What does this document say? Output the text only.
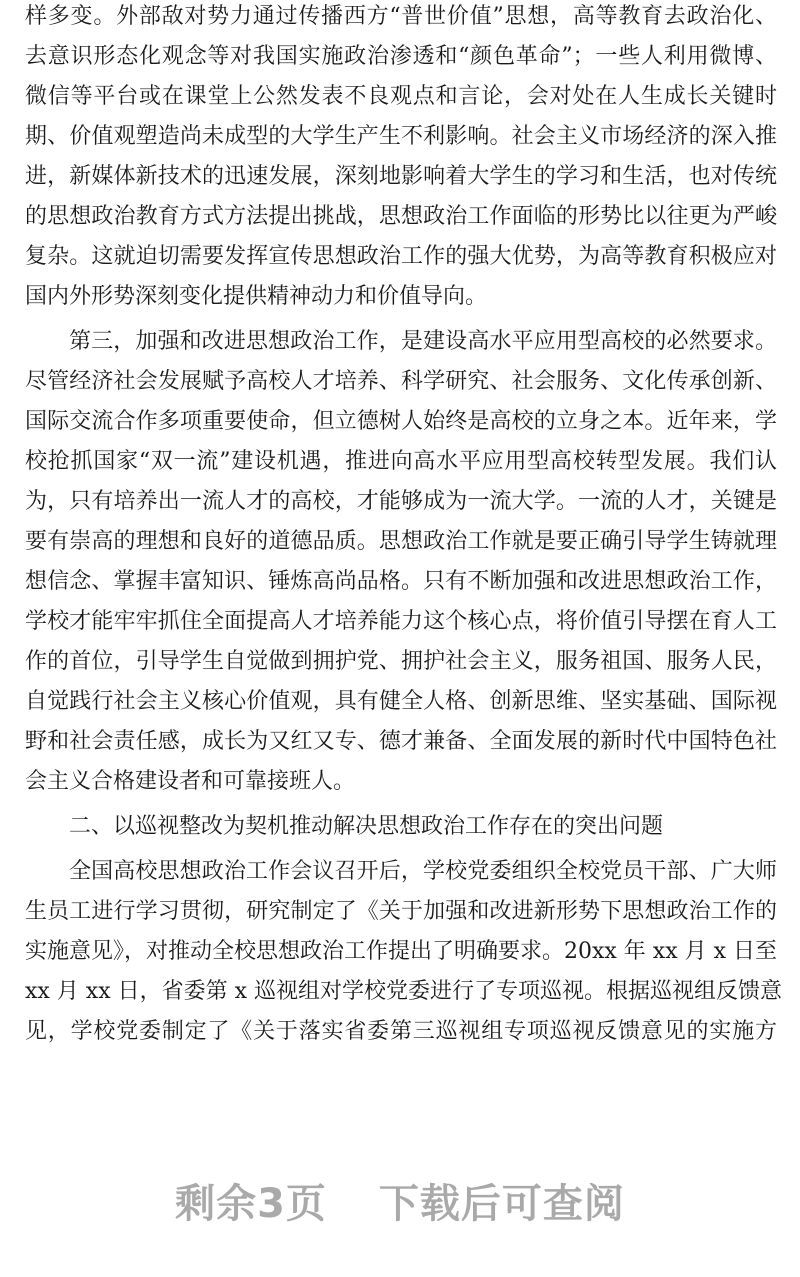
样多变。外部敌对势力通过传播西方“普世价值”思想，高等教育去政治化、
去意识形态化观念等对我国实施政治渗透和“颜色革命”；一些人利用微博、
微信等平台或在课堂上公然发表不良观点和言论，会对处在人生成长关键时
期、价值观塑造尚未成型的大学生产生不利影响。社会主义市场经济的深入推
进，新媒体新技术的迅速发展，深刻地影响着大学生的学习和生活，也对传统
的思想政治教育方式方法提出挑战，思想政治工作面临的形势比以往更为严峻
复杂。这就迫切需要发挥宣传思想政治工作的强大优势，为高等教育积极应对
国内外形势深刻变化提供精神动力和价值导向。
第三，加强和改进思想政治工作，是建设高水平应用型高校的必然要求。
尽管经济社会发展赋予高校人才培养、科学研究、社会服务、文化传承创新、
国际交流合作多项重要使命，但立德树人始终是高校的立身之本。近年来，学
校抢抓国家“双一流”建设机遇，推进向高水平应用型高校转型发展。我们认
为，只有培养出一流人才的高校，才能够成为一流大学。一流的人才，关键是
要有崇高的理想和良好的道德品质。思想政治工作就是要正确引导学生铸就理
想信念、掌握丰富知识、锤炼高尚品格。只有不断加强和改进思想政治工作，
学校才能牢牢抓住全面提高人才培养能力这个核心点，将价值引导摆在育人工
作的首位，引导学生自觉做到拥护党、拥护社会主义，服务祖国、服务人民，
自觉践行社会主义核心价值观，具有健全人格、创新思维、坚实基础、国际视
野和社会责任感，成长为又红又专、德才兼备、全面发展的新时代中国特色社
会主义合格建设者和可靠接班人。
二、以巡视整改为契机推动解决思想政治工作存在的突出问题
全国高校思想政治工作会议召开后，学校党委组织全校党员干部、广大师
生员工进行学习贯彻，研究制定了《关于加强和改进新形势下思想政治工作的
实施意见》，对推动全校思想政治工作提出了明确要求。20xx 年 xx 月 x 日至
xx 月 xx 日，省委第 x 巡视组对学校党委进行了专项巡视。根据巡视组反馈意
见，学校党委制定了《关于落实省委第三巡视组专项巡视反馈意见的实施方
剩余3页 下载后可查阅
